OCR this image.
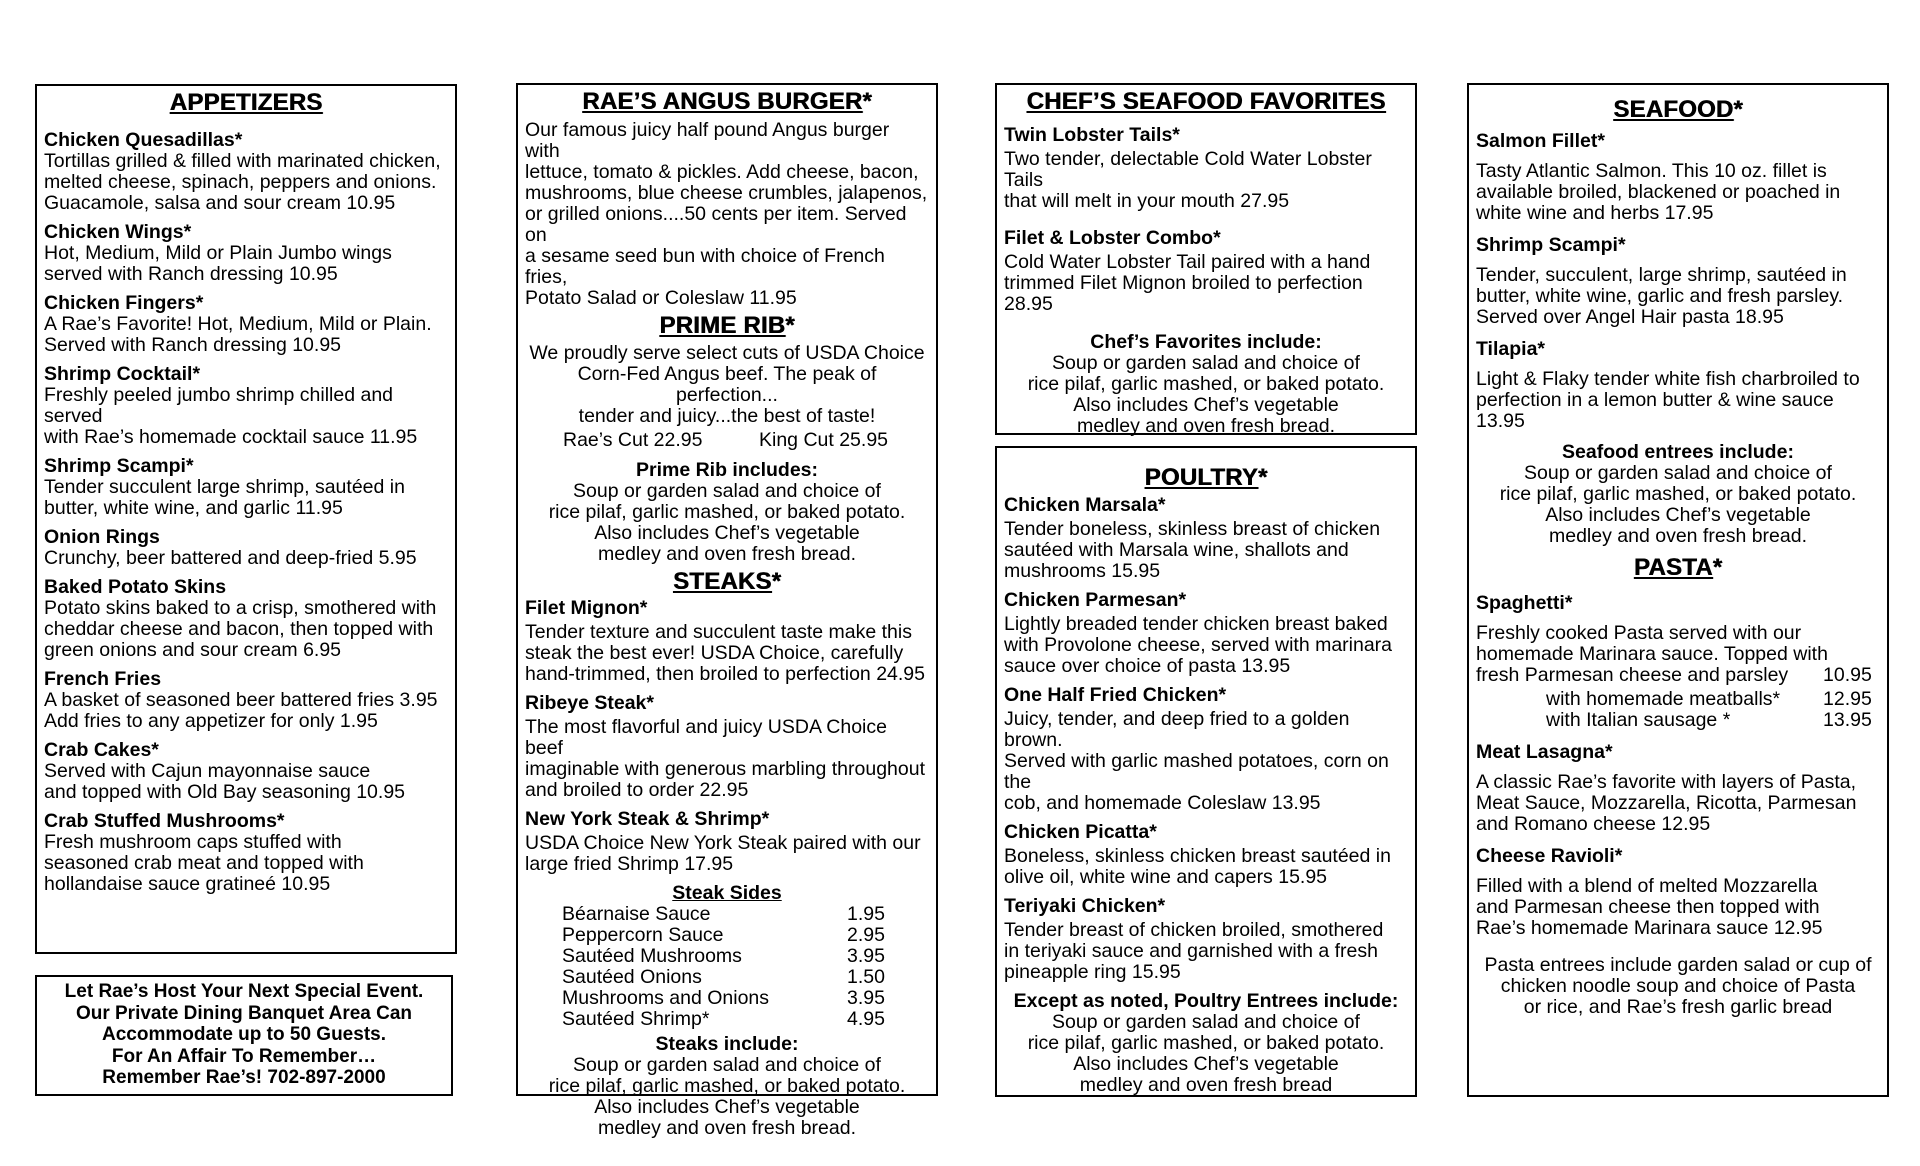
APPETIZERS
Chicken Quesadillas*
Tortillas grilled & filled with marinated chicken,
melted cheese, spinach, peppers and onions.
Guacamole, salsa and sour cream 10.95
Chicken Wings*
Hot, Medium, Mild or Plain Jumbo wings
served with Ranch dressing 10.95
Chicken Fingers*
A Rae’s Favorite! Hot, Medium, Mild or Plain.
Served with Ranch dressing 10.95
Shrimp Cocktail*
Freshly peeled jumbo shrimp chilled and served
with Rae’s homemade cocktail sauce 11.95
Shrimp Scampi*
Tender succulent large shrimp, sautéed in
butter, white wine, and garlic 11.95
Onion Rings
Crunchy, beer battered and deep-fried 5.95
Baked Potato Skins
Potato skins baked to a crisp, smothered with
cheddar cheese and bacon, then topped with
green onions and sour cream 6.95
French Fries
A basket of seasoned beer battered fries 3.95
Add fries to any appetizer for only 1.95
Crab Cakes*
Served with Cajun mayonnaise sauce
and topped with Old Bay seasoning 10.95
Crab Stuffed Mushrooms*
Fresh mushroom caps stuffed with
seasoned crab meat and topped with
hollandaise sauce gratineé 10.95
Let Rae’s Host Your Next Special Event.
Our Private Dining Banquet Area Can
Accommodate up to 50 Guests.
For An Affair To Remember…
Remember Rae’s! 702-897-2000
RAE’S ANGUS BURGER*
Our famous juicy half pound Angus burger with
lettuce, tomato & pickles. Add cheese, bacon,
mushrooms, blue cheese crumbles, jalapenos,
or grilled onions....50 cents per item. Served on
a sesame seed bun with choice of French fries,
Potato Salad or Coleslaw 11.95
PRIME RIB*
We proudly serve select cuts of USDA Choice
Corn-Fed Angus beef. The peak of perfection...
tender and juicy...the best of taste!
Rae’s Cut 22.95	King Cut 25.95
Prime Rib includes:
Soup or garden salad and choice of
rice pilaf, garlic mashed, or baked potato.
Also includes Chef’s vegetable
medley and oven fresh bread.
STEAKS*
Filet Mignon*
Tender texture and succulent taste make this
steak the best ever! USDA Choice, carefully
hand-trimmed, then broiled to perfection 24.95
Ribeye Steak*
The most flavorful and juicy USDA Choice beef
imaginable with generous marbling throughout
and broiled to order 22.95
New York Steak & Shrimp*
USDA Choice New York Steak paired with our
large fried Shrimp 17.95
Steak Sides
Béarnaise Sauce	1.95
Peppercorn Sauce	2.95
Sautéed Mushrooms	3.95
Sautéed Onions	1.50
Mushrooms and Onions	3.95
Sautéed Shrimp*	4.95
Steaks include:
Soup or garden salad and choice of
rice pilaf, garlic mashed, or baked potato.
Also includes Chef’s vegetable
medley and oven fresh bread.
CHEF’S SEAFOOD FAVORITES
Twin Lobster Tails*
Two tender, delectable Cold Water Lobster Tails
that will melt in your mouth 27.95
Filet & Lobster Combo*
Cold Water Lobster Tail paired with a hand
trimmed Filet Mignon broiled to perfection 28.95
Chef’s Favorites include:
Soup or garden salad and choice of
rice pilaf, garlic mashed, or baked potato.
Also includes Chef’s vegetable
medley and oven fresh bread.
POULTRY*
Chicken Marsala*
Tender boneless, skinless breast of chicken
sautéed with Marsala wine, shallots and
mushrooms 15.95
Chicken Parmesan*
Lightly breaded tender chicken breast baked
with Provolone cheese, served with marinara
sauce over choice of pasta 13.95
One Half Fried Chicken*
Juicy, tender, and deep fried to a golden brown.
Served with garlic mashed potatoes, corn on the
cob, and homemade Coleslaw 13.95
Chicken Picatta*
Boneless, skinless chicken breast sautéed in
olive oil, white wine and capers 15.95
Teriyaki Chicken*
Tender breast of chicken broiled, smothered
in teriyaki sauce and garnished with a fresh
pineapple ring 15.95
Except as noted, Poultry Entrees include:
Soup or garden salad and choice of
rice pilaf, garlic mashed, or baked potato.
Also includes Chef’s vegetable
medley and oven fresh bread
SEAFOOD*
Salmon Fillet*
Tasty Atlantic Salmon. This 10 oz. fillet is
available broiled, blackened or poached in
white wine and herbs 17.95
Shrimp Scampi*
Tender, succulent, large shrimp, sautéed in
butter, white wine, garlic and fresh parsley.
Served over Angel Hair pasta 18.95
Tilapia*
Light & Flaky tender white fish charbroiled to
perfection in a lemon butter & wine sauce 13.95
Seafood entrees include:
Soup or garden salad and choice of
rice pilaf, garlic mashed, or baked potato.
Also includes Chef’s vegetable
medley and oven fresh bread.
PASTA*
Spaghetti*
Freshly cooked Pasta served with our
homemade Marinara sauce. Topped with
fresh Parmesan cheese and parsley	10.95
with homemade meatballs*	12.95
with Italian sausage *	13.95
Meat Lasagna*
A classic Rae’s favorite with layers of Pasta,
Meat Sauce, Mozzarella, Ricotta, Parmesan
and Romano cheese 12.95
Cheese Ravioli*
Filled with a blend of melted Mozzarella
and Parmesan cheese then topped with
Rae’s homemade Marinara sauce 12.95
Pasta entrees include garden salad or cup of
chicken noodle soup and choice of Pasta
or rice, and Rae’s fresh garlic bread
